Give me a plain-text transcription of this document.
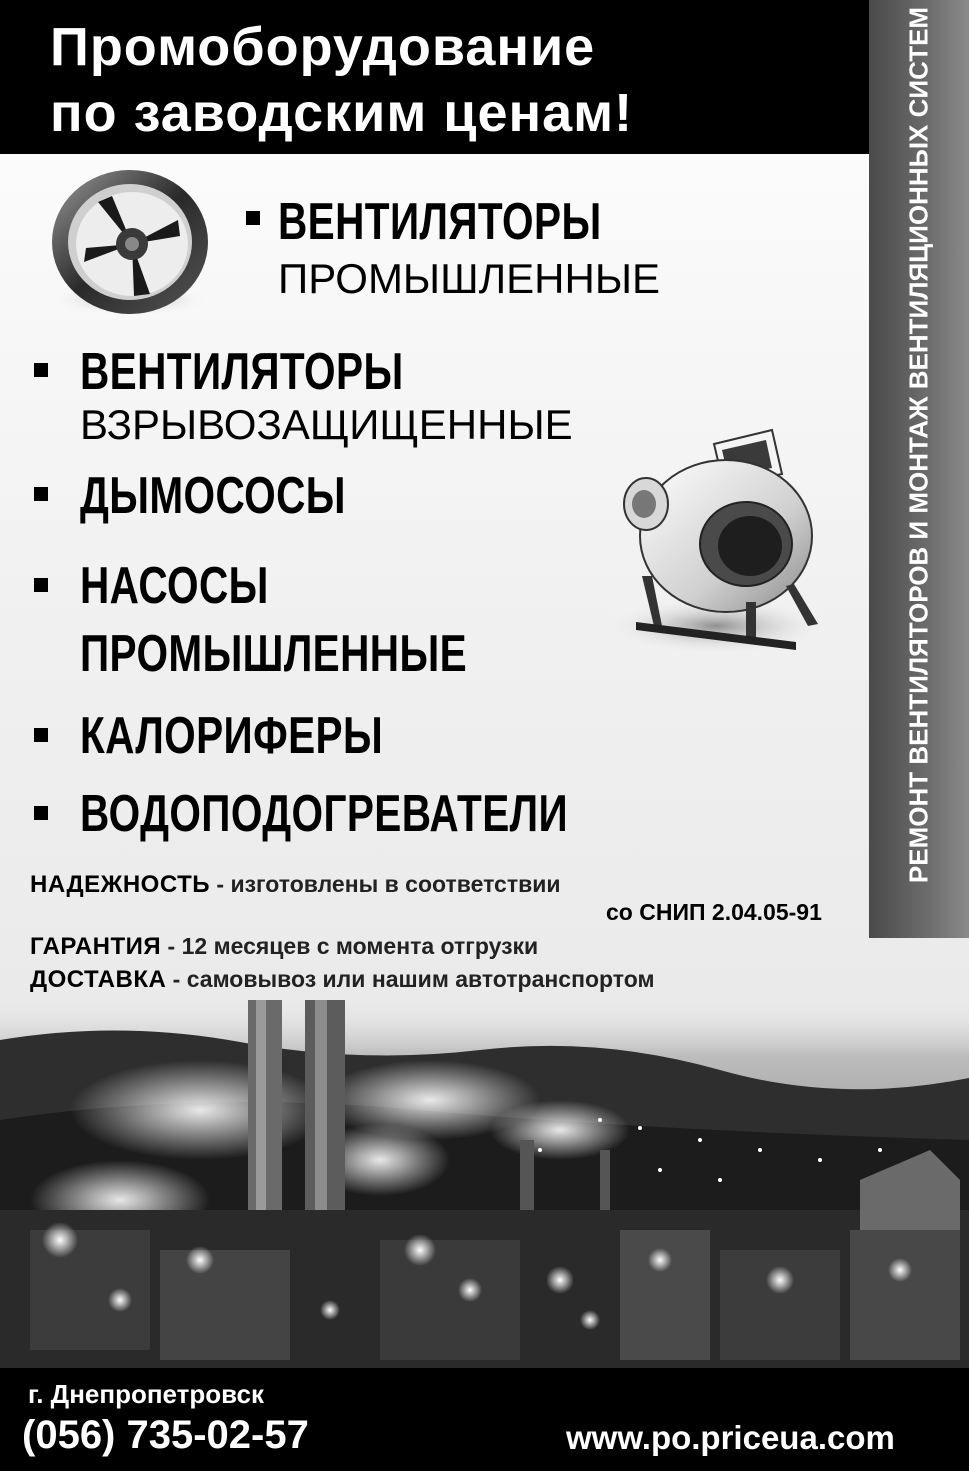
Промоборудование
по заводским ценам!	РЕМОНТ ВЕНТИЛЯТОРОВ И МОНТАЖ ВЕНТИЛЯЦИОННЫХ СИСТЕМ
ВЕНТИЛЯТОРЫ
ПРОМЫШЛЕННЫЕ
ВЕНТИЛЯТОРЫ
ВЗРЫВОЗАЩИЩЕННЫЕ
ДЫМОСОСЫ
НАСОСЫ
ПРОМЫШЛЕННЫЕ
КАЛОРИФЕРЫ
ВОДОПОДОГРЕВАТЕЛИ
НАДЕЖНОСТЬ - изготовлены в соответствии
со СНИП 2.04.05-91
ГАРАНТИЯ - 12 месяцев с момента отгрузки
ДОСТАВКА - самовывоз или нашим автотранспортом
г. Днепропетровск
(056) 735-02-57	www.po.priceua.com
